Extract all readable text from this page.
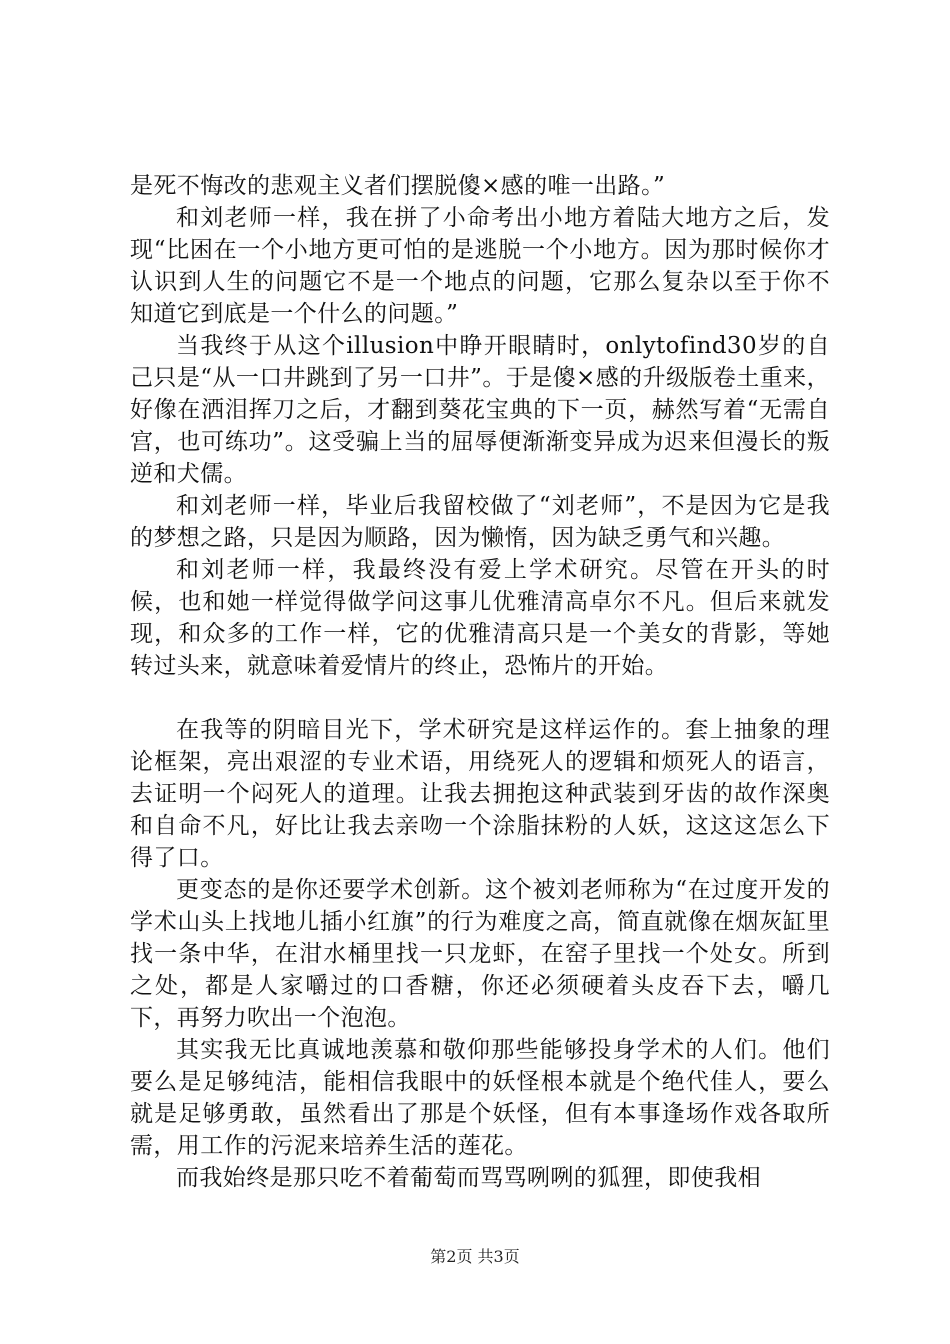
是死不悔改的悲观主义者们摆脱傻×感的唯一出路。”

和刘老师一样，我在拼了小命考出小地方着陆大地方之后，发现“比困在一个小地方更可怕的是逃脱一个小地方。因为那时候你才认识到人生的问题它不是一个地点的问题，它那么复杂以至于你不知道它到底是一个什么的问题。”

当我终于从这个illusion中睁开眼睛时，onlytofind30岁的自己只是“从一口井跳到了另一口井”。于是傻×感的升级版卷土重来，好像在洒泪挥刀之后，才翻到葵花宝典的下一页，赫然写着“无需自宫，也可练功”。这受骗上当的屈辱便渐渐变异成为迟来但漫长的叛逆和犬儒。

和刘老师一样，毕业后我留校做了“刘老师”，不是因为它是我的梦想之路，只是因为顺路，因为懒惰，因为缺乏勇气和兴趣。

和刘老师一样，我最终没有爱上学术研究。尽管在开头的时候，也和她一样觉得做学问这事儿优雅清高卓尔不凡。但后来就发现，和众多的工作一样，它的优雅清高只是一个美女的背影，等她转过头来，就意味着爱情片的终止，恐怖片的开始。

在我等的阴暗目光下，学术研究是这样运作的。套上抽象的理论框架，亮出艰涩的专业术语，用绕死人的逻辑和烦死人的语言，去证明一个闷死人的道理。让我去拥抱这种武装到牙齿的故作深奥和自命不凡，好比让我去亲吻一个涂脂抹粉的人妖，这这这怎么下得了口。

更变态的是你还要学术创新。这个被刘老师称为“在过度开发的学术山头上找地儿插小红旗”的行为难度之高，简直就像在烟灰缸里找一条中华，在泔水桶里找一只龙虾，在窑子里找一个处女。所到之处，都是人家嚼过的口香糖，你还必须硬着头皮吞下去，嚼几下，再努力吹出一个泡泡。

其实我无比真诚地羡慕和敬仰那些能够投身学术的人们。他们要么是足够纯洁，能相信我眼中的妖怪根本就是个绝代佳人，要么就是足够勇敢，虽然看出了那是个妖怪，但有本事逢场作戏各取所需，用工作的污泥来培养生活的莲花。

而我始终是那只吃不着葡萄而骂骂咧咧的狐狸，即使我相

第2页 共3页
